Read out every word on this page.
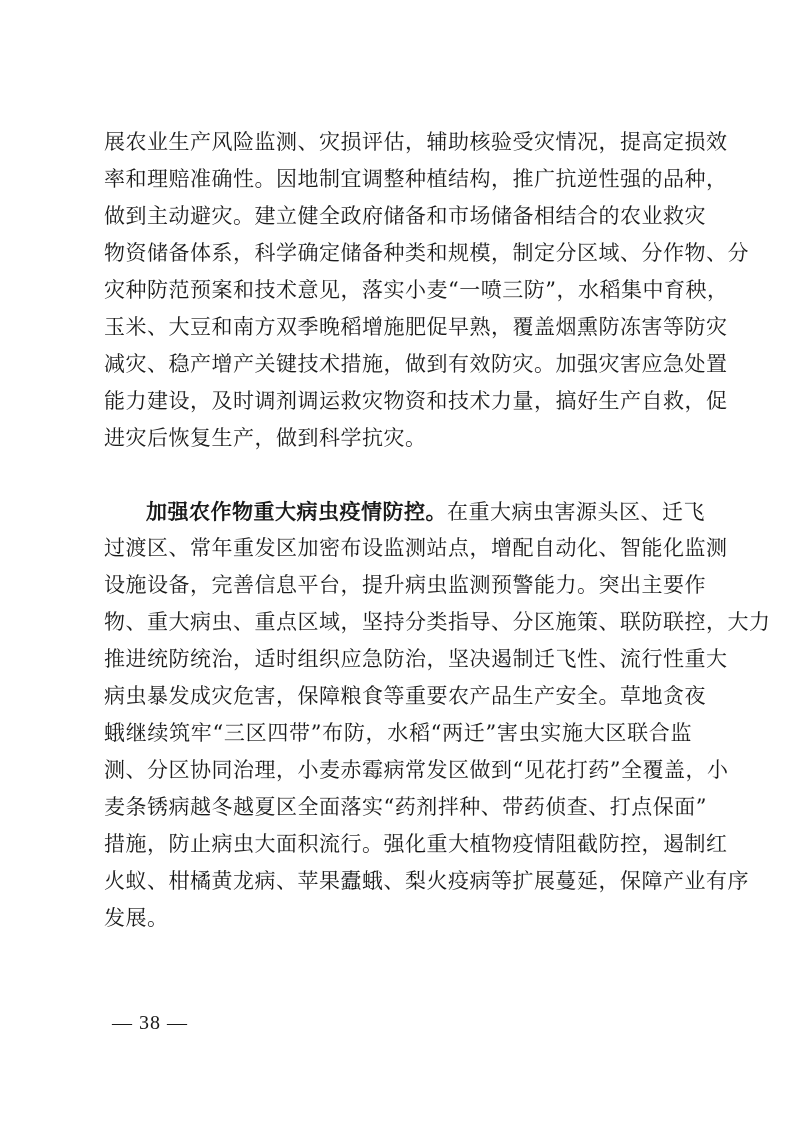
展农业生产风险监测、灾损评估，辅助核验受灾情况，提高定损效
率和理赔准确性。因地制宜调整种植结构，推广抗逆性强的品种，
做到主动避灾。建立健全政府储备和市场储备相结合的农业救灾
物资储备体系，科学确定储备种类和规模，制定分区域、分作物、分
灾种防范预案和技术意见，落实小麦“一喷三防”，水稻集中育秧，
玉米、大豆和南方双季晚稻增施肥促早熟，覆盖烟熏防冻害等防灾
减灾、稳产增产关键技术措施，做到有效防灾。加强灾害应急处置
能力建设，及时调剂调运救灾物资和技术力量，搞好生产自救，促
进灾后恢复生产，做到科学抗灾。
加强农作物重大病虫疫情防控。在重大病虫害源头区、迁飞
过渡区、常年重发区加密布设监测站点，增配自动化、智能化监测
设施设备，完善信息平台，提升病虫监测预警能力。突出主要作
物、重大病虫、重点区域，坚持分类指导、分区施策、联防联控，大力
推进统防统治，适时组织应急防治，坚决遏制迁飞性、流行性重大
病虫暴发成灾危害，保障粮食等重要农产品生产安全。草地贪夜
蛾继续筑牢“三区四带”布防，水稻“两迁”害虫实施大区联合监
测、分区协同治理，小麦赤霉病常发区做到“见花打药”全覆盖，小
麦条锈病越冬越夏区全面落实“药剂拌种、带药侦查、打点保面”
措施，防止病虫大面积流行。强化重大植物疫情阻截防控，遏制红
火蚁、柑橘黄龙病、苹果蠹蛾、梨火疫病等扩展蔓延，保障产业有序
发展。
— 38 —
